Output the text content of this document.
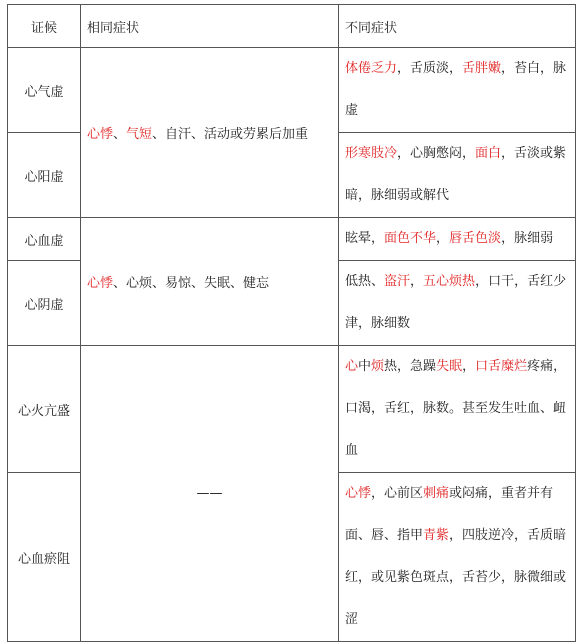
证候	相同症状	不同症状
心气虚	心悸、气短、自汗、活动或劳累后加重	体倦乏力，舌质淡，舌胖嫩，苔白，脉虚
心阳虚		形寒肢冷，心胸憋闷，面白，舌淡或紫暗，脉细弱或解代
心血虚	心悸、心烦、易惊、失眠、健忘	眩晕，面色不华，唇舌色淡，脉细弱
心阴虚		低热、盗汗，五心烦热，口干，舌红少津，脉细数
心火亢盛	——	心中烦热，急躁失眠，口舌糜烂疼痛，口渴，舌红，脉数。甚至发生吐血、衄血
心血瘀阻		心悸，心前区刺痛或闷痛，重者并有面、唇、指甲青紫，四肢逆冷，舌质暗红，或见紫色斑点，舌苔少，脉微细或涩
